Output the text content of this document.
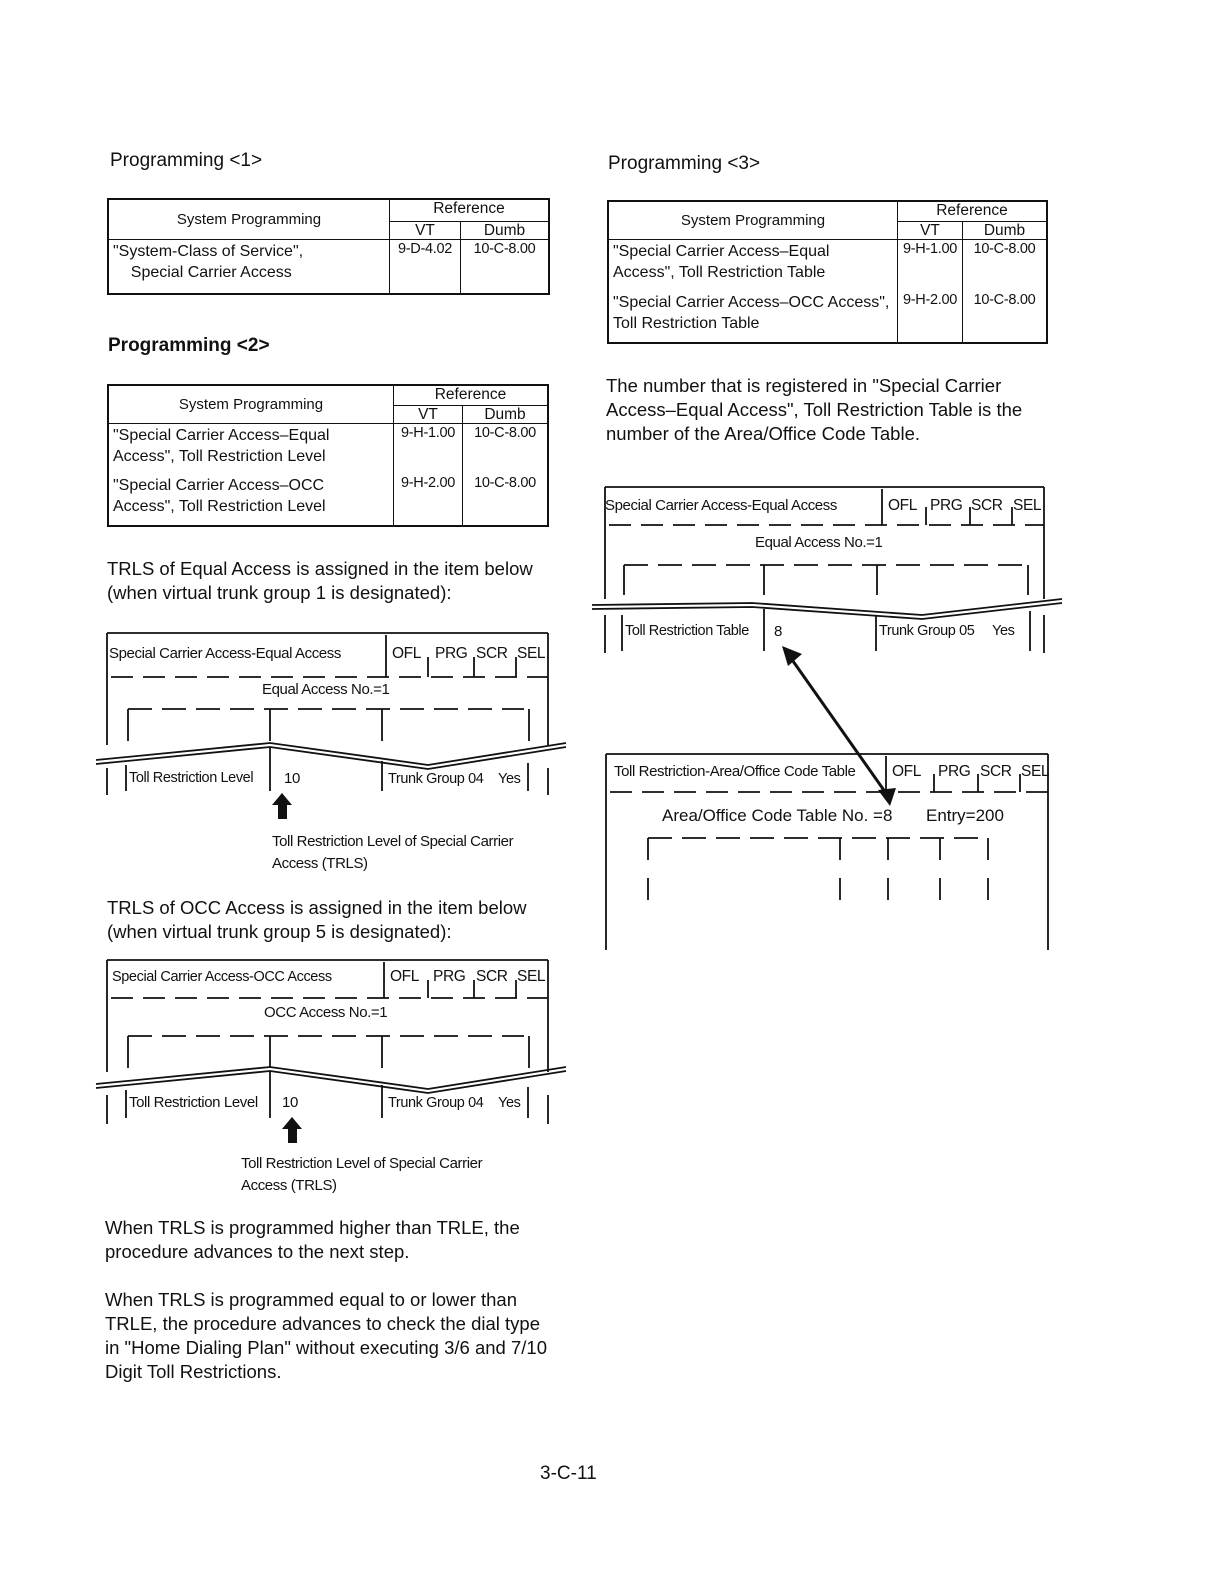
Programming <1>
System Programming	Reference	
	VT	Dumb
"System-Class of Service",
Special Carrier Access	9-D-4.02	10-C-8.00
Programming <2>
System Programming	Reference	
	VT	Dumb
"Special Carrier Access–Equal Access", Toll Restriction Level	9-H-1.00	10-C-8.00
"Special Carrier Access–OCC Access", Toll Restriction Level	9-H-2.00	10-C-8.00
TRLS of Equal Access is assigned in the item below (when virtual trunk group 1 is designated):
Special Carrier Access-Equal Access	OFL PRG SCR SEL
Equal Access No.=1
Toll Restriction Level 10	Trunk Group 04 Yes
Toll Restriction Level of Special Carrier Access (TRLS)
TRLS of OCC Access is assigned in the item below (when virtual trunk group 5 is designated):
Special Carrier Access-OCC Access	OFL PRG SCR SEL
OCC Access No.=1
Toll Restriction Level 10	Trunk Group 04 Yes
Toll Restriction Level of Special Carrier Access (TRLS)
When TRLS is programmed higher than TRLE, the procedure advances to the next step.
When TRLS is programmed equal to or lower than TRLE, the procedure advances to check the dial type in "Home Dialing Plan" without executing 3/6 and 7/10 Digit Toll Restrictions.
Programming <3>
System Programming	Reference	
	VT	Dumb
"Special Carrier Access–Equal Access", Toll Restriction Table	9-H-1.00	10-C-8.00
"Special Carrier Access–OCC Access", Toll Restriction Table	9-H-2.00	10-C-8.00
The number that is registered in "Special Carrier Access–Equal Access", Toll Restriction Table is the number of the Area/Office Code Table.
Special Carrier Access-Equal Access	OFL PRG SCR SEL
Equal Access No.=1
Toll Restriction Table 8	Trunk Group 05 Yes
Toll Restriction-Area/Office Code Table OFL PRG SCR SEL
Area/Office Code Table No. =8 Entry=200
3-C-11
